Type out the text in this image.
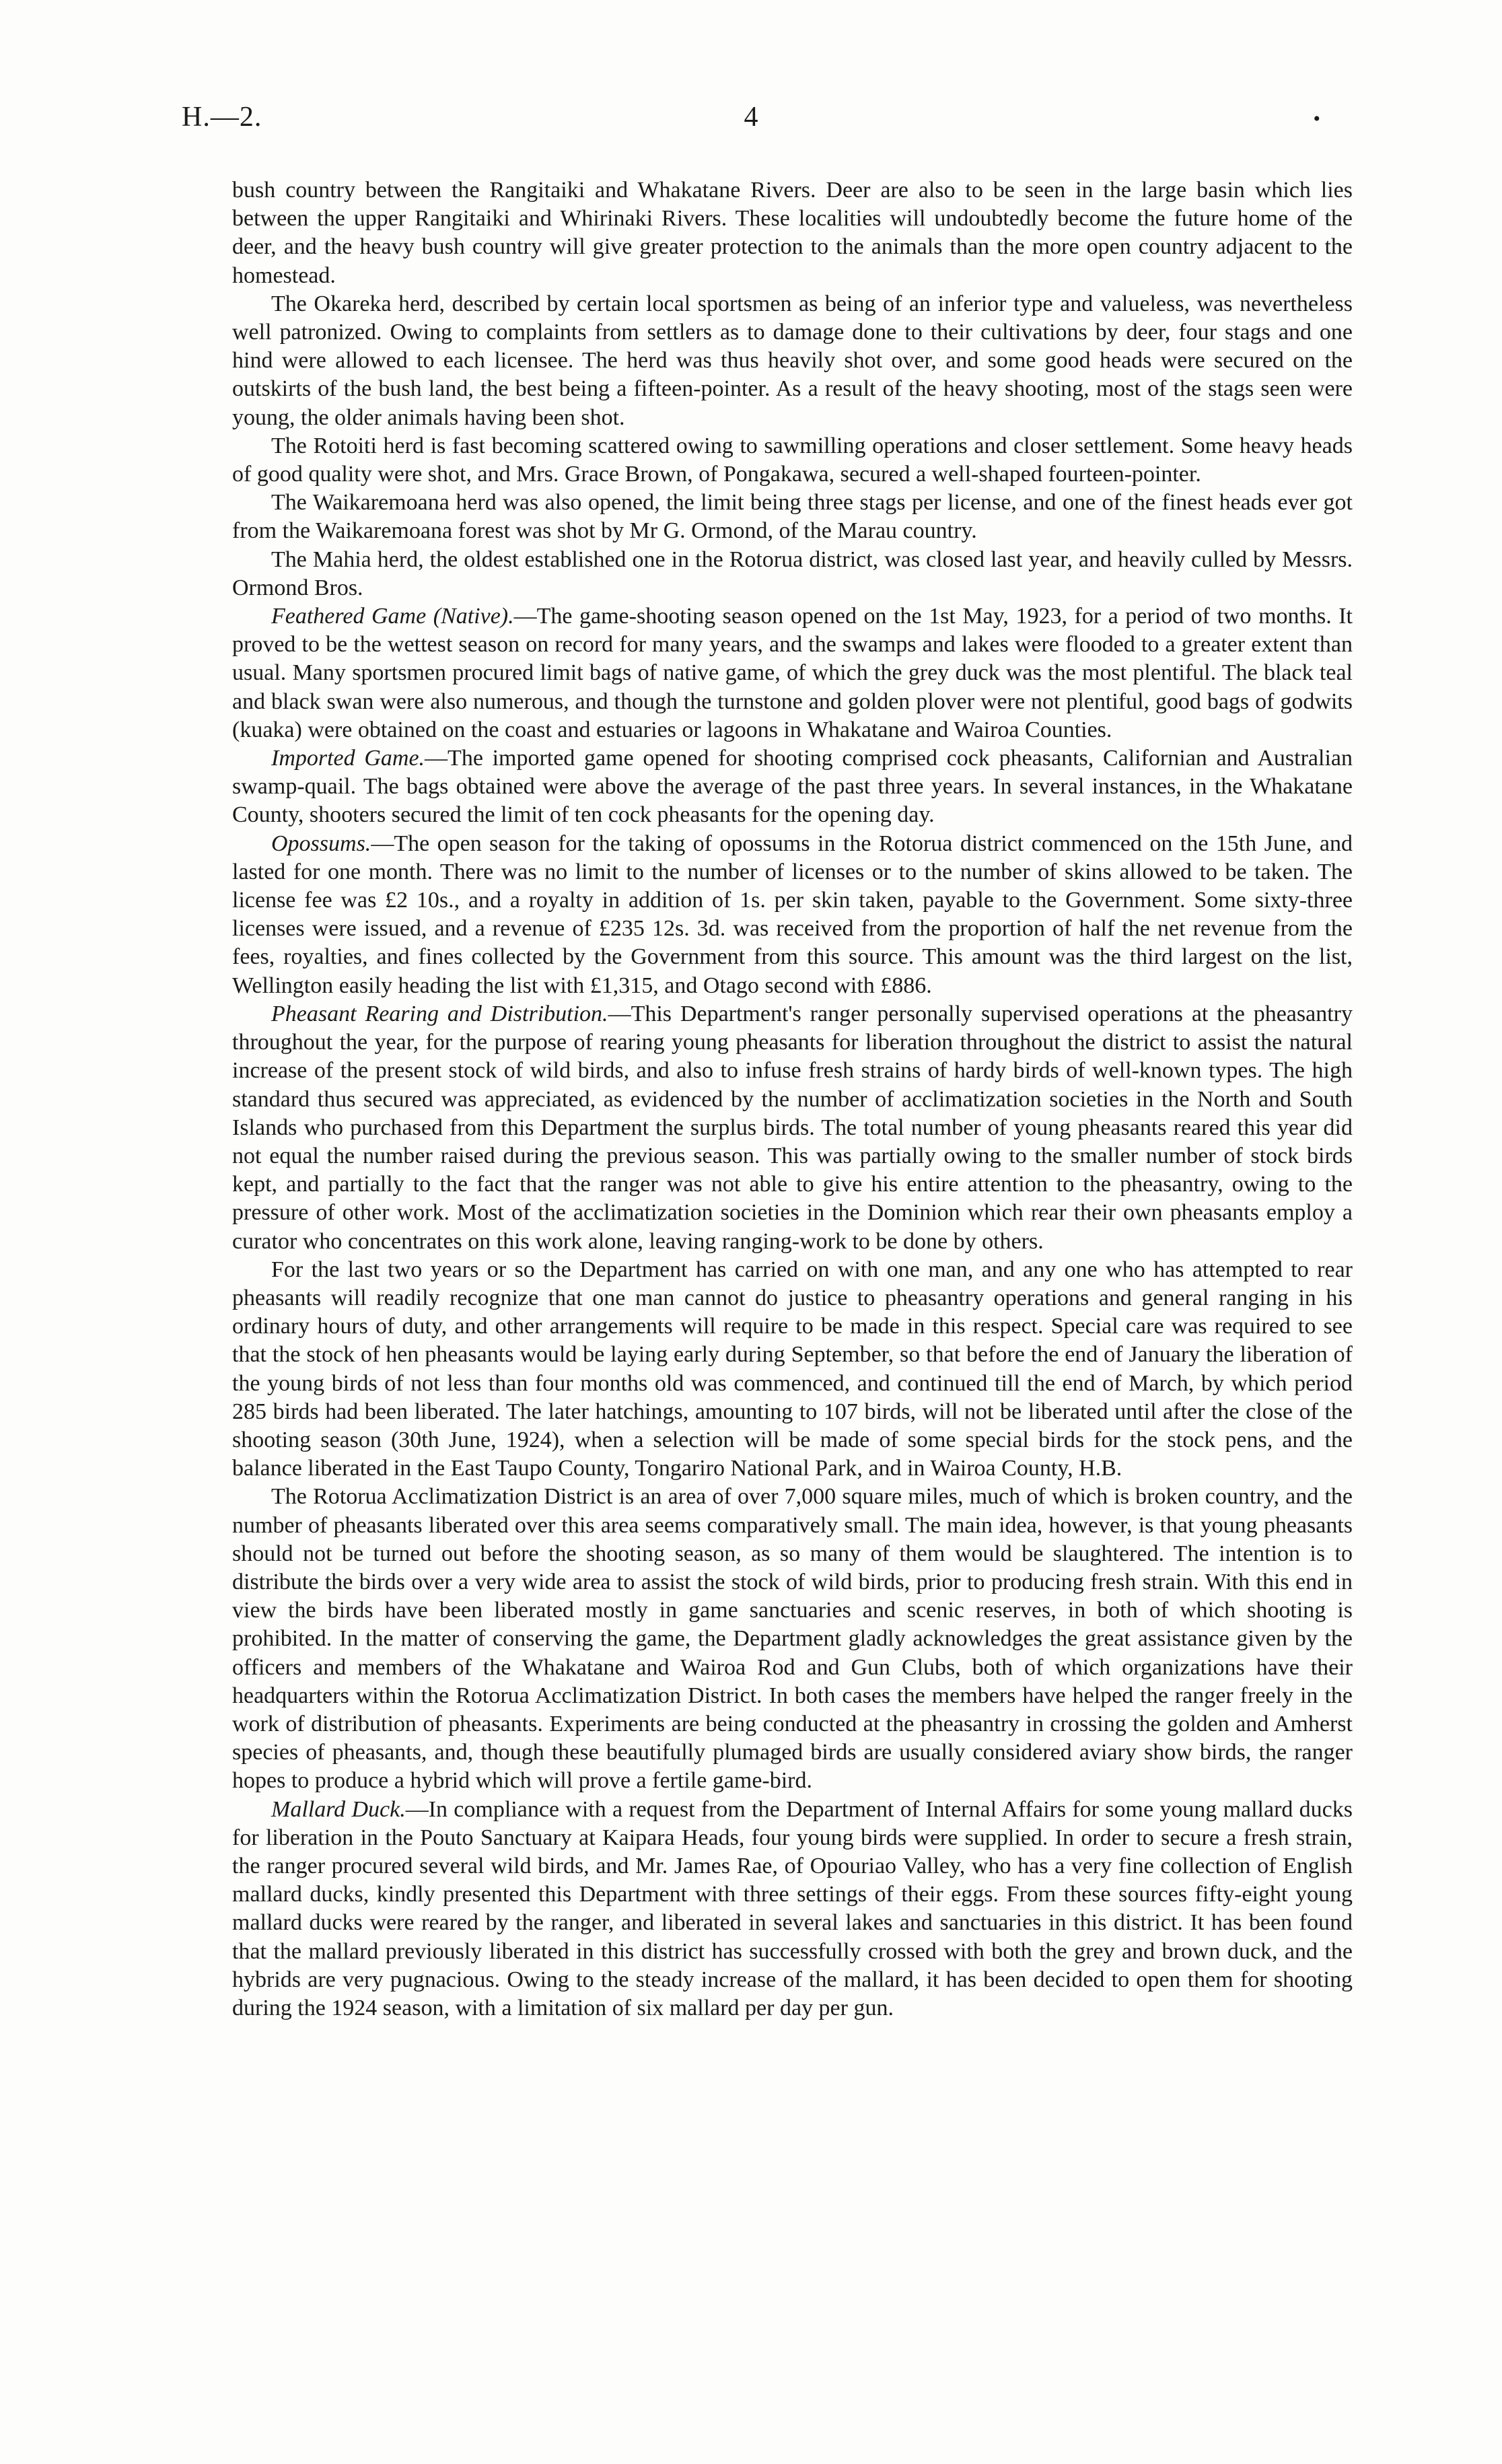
H.—2.	4	•

bush country between the Rangitaiki and Whakatane Rivers. Deer are also to be seen in the large basin which lies between the upper Rangitaiki and Whirinaki Rivers. These localities will undoubtedly become the future home of the deer, and the heavy bush country will give greater protection to the animals than the more open country adjacent to the homestead.

The Okareka herd, described by certain local sportsmen as being of an inferior type and valueless, was nevertheless well patronized. Owing to complaints from settlers as to damage done to their cultivations by deer, four stags and one hind were allowed to each licensee. The herd was thus heavily shot over, and some good heads were secured on the outskirts of the bush land, the best being a fifteen-pointer. As a result of the heavy shooting, most of the stags seen were young, the older animals having been shot.

The Rotoiti herd is fast becoming scattered owing to sawmilling operations and closer settlement. Some heavy heads of good quality were shot, and Mrs. Grace Brown, of Pongakawa, secured a well-shaped fourteen-pointer.

The Waikaremoana herd was also opened, the limit being three stags per license, and one of the finest heads ever got from the Waikaremoana forest was shot by Mr G. Ormond, of the Marau country.

The Mahia herd, the oldest established one in the Rotorua district, was closed last year, and heavily culled by Messrs. Ormond Bros.

Feathered Game (Native).—The game-shooting season opened on the 1st May, 1923, for a period of two months. It proved to be the wettest season on record for many years, and the swamps and lakes were flooded to a greater extent than usual. Many sportsmen procured limit bags of native game, of which the grey duck was the most plentiful. The black teal and black swan were also numerous, and though the turnstone and golden plover were not plentiful, good bags of godwits (kuaka) were obtained on the coast and estuaries or lagoons in Whakatane and Wairoa Counties.

Imported Game.—The imported game opened for shooting comprised cock pheasants, Californian and Australian swamp-quail. The bags obtained were above the average of the past three years. In several instances, in the Whakatane County, shooters secured the limit of ten cock pheasants for the opening day.

Opossums.—The open season for the taking of opossums in the Rotorua district commenced on the 15th June, and lasted for one month. There was no limit to the number of licenses or to the number of skins allowed to be taken. The license fee was £2 10s., and a royalty in addition of 1s. per skin taken, payable to the Government. Some sixty-three licenses were issued, and a revenue of £235 12s. 3d. was received from the proportion of half the net revenue from the fees, royalties, and fines collected by the Government from this source. This amount was the third largest on the list, Wellington easily heading the list with £1,315, and Otago second with £886.

Pheasant Rearing and Distribution.—This Department's ranger personally supervised operations at the pheasantry throughout the year, for the purpose of rearing young pheasants for liberation throughout the district to assist the natural increase of the present stock of wild birds, and also to infuse fresh strains of hardy birds of well-known types. The high standard thus secured was appreciated, as evidenced by the number of acclimatization societies in the North and South Islands who purchased from this Department the surplus birds. The total number of young pheasants reared this year did not equal the number raised during the previous season. This was partially owing to the smaller number of stock birds kept, and partially to the fact that the ranger was not able to give his entire attention to the pheasantry, owing to the pressure of other work. Most of the acclimatization societies in the Dominion which rear their own pheasants employ a curator who concentrates on this work alone, leaving ranging-work to be done by others.

For the last two years or so the Department has carried on with one man, and any one who has attempted to rear pheasants will readily recognize that one man cannot do justice to pheasantry operations and general ranging in his ordinary hours of duty, and other arrangements will require to be made in this respect. Special care was required to see that the stock of hen pheasants would be laying early during September, so that before the end of January the liberation of the young birds of not less than four months old was commenced, and continued till the end of March, by which period 285 birds had been liberated. The later hatchings, amounting to 107 birds, will not be liberated until after the close of the shooting season (30th June, 1924), when a selection will be made of some special birds for the stock pens, and the balance liberated in the East Taupo County, Tongariro National Park, and in Wairoa County, H.B.

The Rotorua Acclimatization District is an area of over 7,000 square miles, much of which is broken country, and the number of pheasants liberated over this area seems comparatively small. The main idea, however, is that young pheasants should not be turned out before the shooting season, as so many of them would be slaughtered. The intention is to distribute the birds over a very wide area to assist the stock of wild birds, prior to producing fresh strain. With this end in view the birds have been liberated mostly in game sanctuaries and scenic reserves, in both of which shooting is prohibited. In the matter of conserving the game, the Department gladly acknowledges the great assistance given by the officers and members of the Whakatane and Wairoa Rod and Gun Clubs, both of which organizations have their headquarters within the Rotorua Acclimatization District. In both cases the members have helped the ranger freely in the work of distribution of pheasants. Experiments are being conducted at the pheasantry in crossing the golden and Amherst species of pheasants, and, though these beautifully plumaged birds are usually considered aviary show birds, the ranger hopes to produce a hybrid which will prove a fertile game-bird.

Mallard Duck.—In compliance with a request from the Department of Internal Affairs for some young mallard ducks for liberation in the Pouto Sanctuary at Kaipara Heads, four young birds were supplied. In order to secure a fresh strain, the ranger procured several wild birds, and Mr. James Rae, of Opouriao Valley, who has a very fine collection of English mallard ducks, kindly presented this Department with three settings of their eggs. From these sources fifty-eight young mallard ducks were reared by the ranger, and liberated in several lakes and sanctuaries in this district. It has been found that the mallard previously liberated in this district has successfully crossed with both the grey and brown duck, and the hybrids are very pugnacious. Owing to the steady increase of the mallard, it has been decided to open them for shooting during the 1924 season, with a limitation of six mallard per day per gun.
